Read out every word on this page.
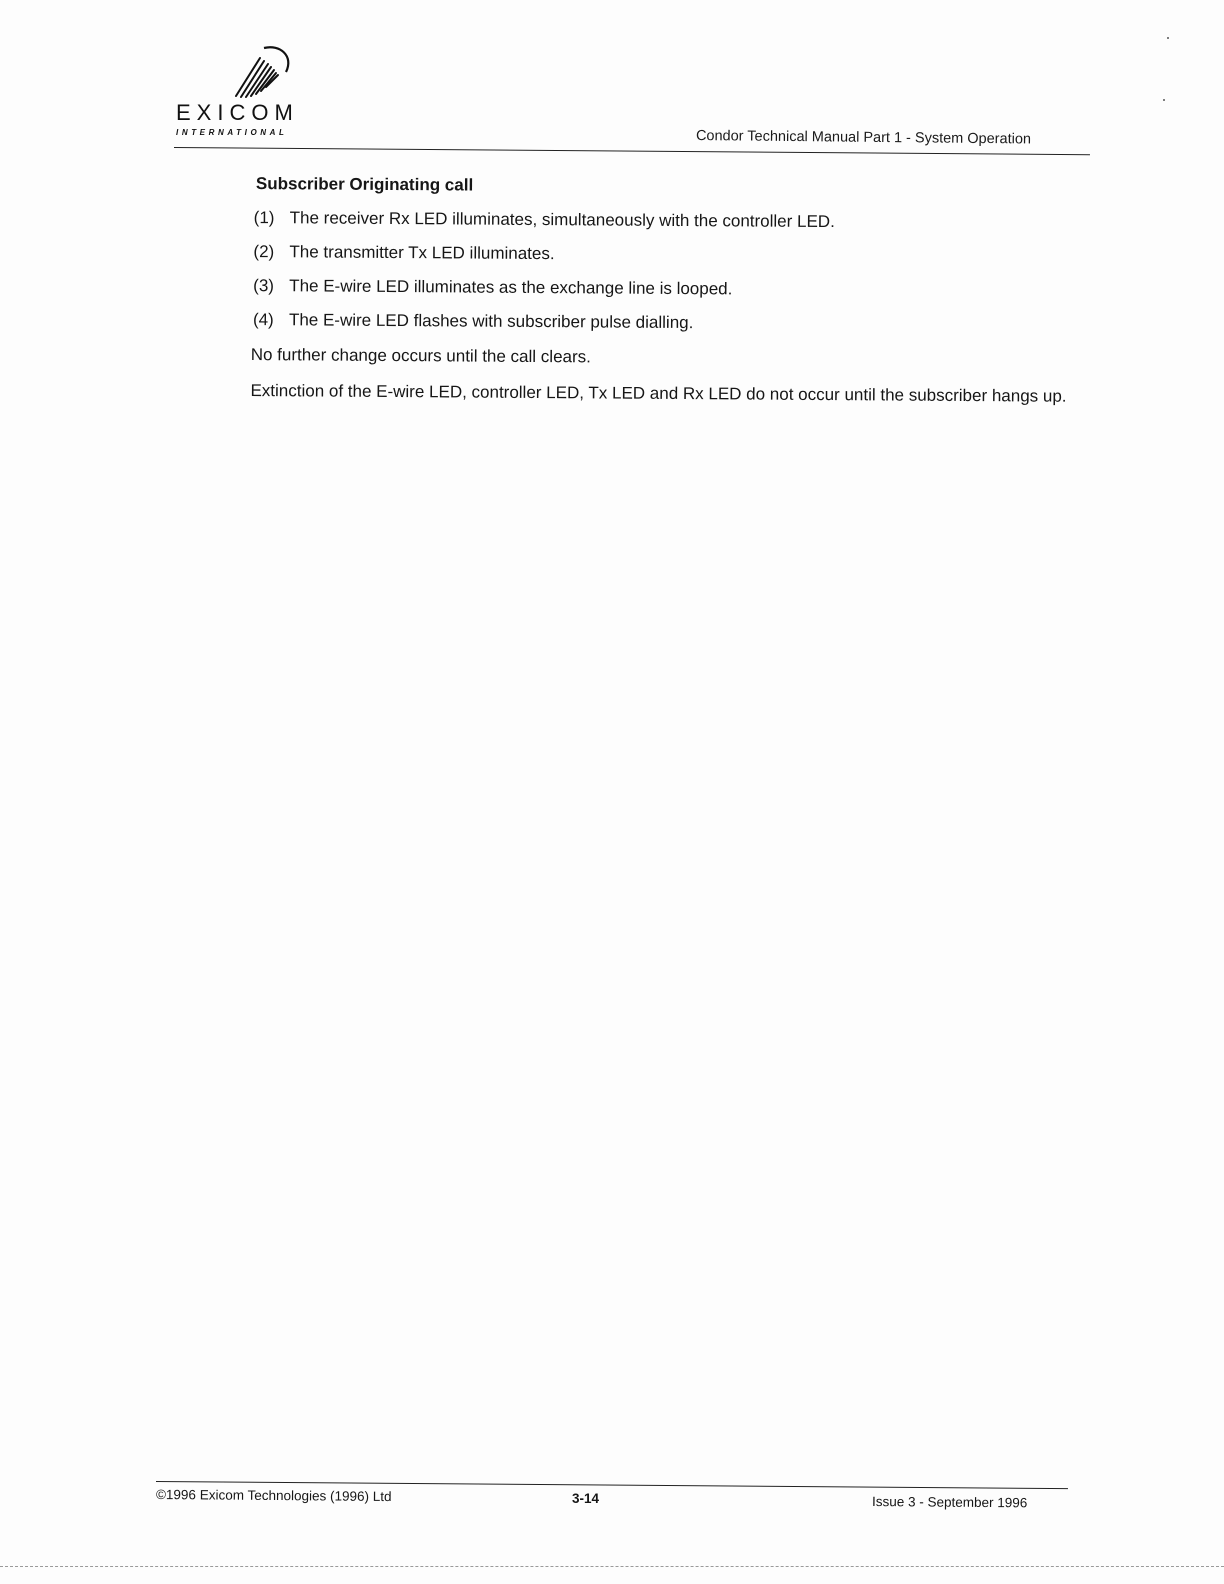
EXICOM
INTERNATIONAL	Condor Technical Manual Part 1 - System Operation
Subscriber Originating call
(1) The receiver Rx LED illuminates, simultaneously with the controller LED.
(2) The transmitter Tx LED illuminates.
(3) The E-wire LED illuminates as the exchange line is looped.
(4) The E-wire LED flashes with subscriber pulse dialling.

No further change occurs until the call clears.

Extinction of the E-wire LED, controller LED, Tx LED and Rx LED do not occur until the subscriber hangs up.

©1996 Exicom Technologies (1996) Ltd	3-14	Issue 3 - September 1996
